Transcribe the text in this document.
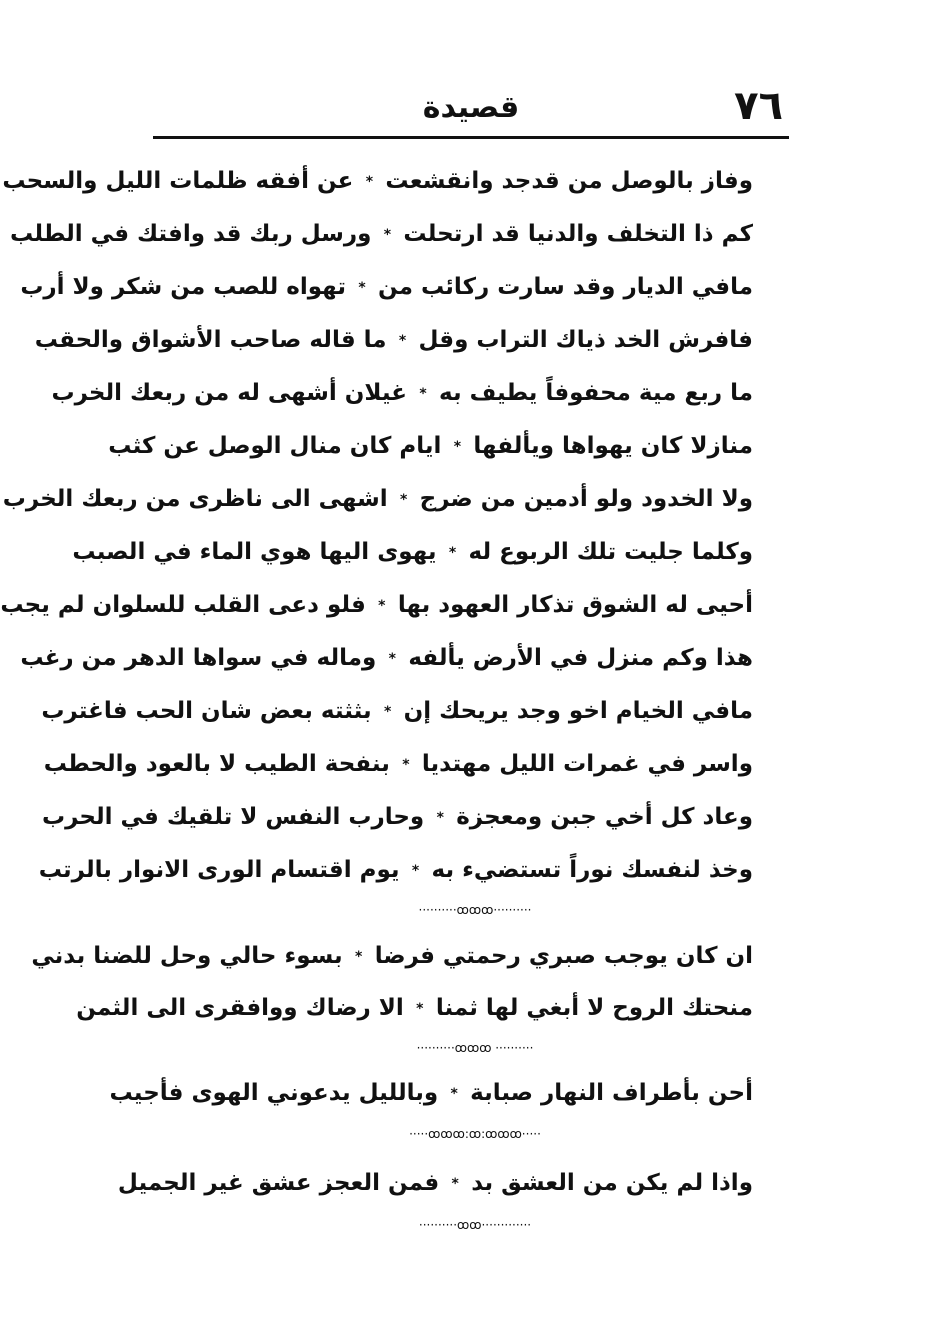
٧٦
قصيدة
وفاز بالوصل من قدجد وانقشعت
*
عن أفقه ظلمات الليل والسحب
كم ذا التخلف والدنيا قد ارتحلت
*
ورسل ربك قد وافتك في الطلب
مافي الديار وقد سارت ركائب من
*
تهواه للصب من شكر ولا أرب
فافرش الخد ذياك التراب وقل
*
ما قاله صاحب الأشواق والحقب
ما ربع مية محفوفاً يطيف به
*
غيلان أشهى له من ربعك الخرب
منازلا كان يهواها ويألفها
*
ايام كان منال الوصل عن كثب
ولا الخدود ولو أدمين من ضرج
*
اشهى الى ناظرى من ربعك الخرب
وكلما جليت تلك الربوع له
*
يهوى اليها هوي الماء في الصبب
أحيى له الشوق تذكار العهود بها
*
فلو دعى القلب للسلوان لم يجب
هذا وكم منزل في الأرض يألفه
*
وماله في سواها الدهر من رغب
مافي الخيام اخو وجد يريحك إن
*
بثثته بعض شان الحب فاغترب
واسر في غمرات الليل مهتديا
*
بنفحة الطيب لا بالعود والحطب
وعاد كل أخي جبن ومعجزة
*
وحارب النفس لا تلقيك في الحرب
وخذ لنفسك نوراً تستضيء به
*
يوم اقتسام الورى الانوار بالرتب
··········ꝏꝏꝏ··········
ان كان يوجب صبري رحمتي فرضا
*
بسوء حالي وحل للضنا بدني
منحتك الروح لا أبغي لها ثمنا
*
الا رضاك ووافقرى الى الثمن
··········ꝏꝏꝏ ··········
أحن بأطراف النهار صبابة
*
وبالليل يدعوني الهوى فأجيب
·····ꝏꝏꝏ:ꝏ:ꝏꝏꝏ·····
واذا لم يكن من العشق بد
*
فمن العجز عشق غير الجميل
··········ꝏꝏ·············
